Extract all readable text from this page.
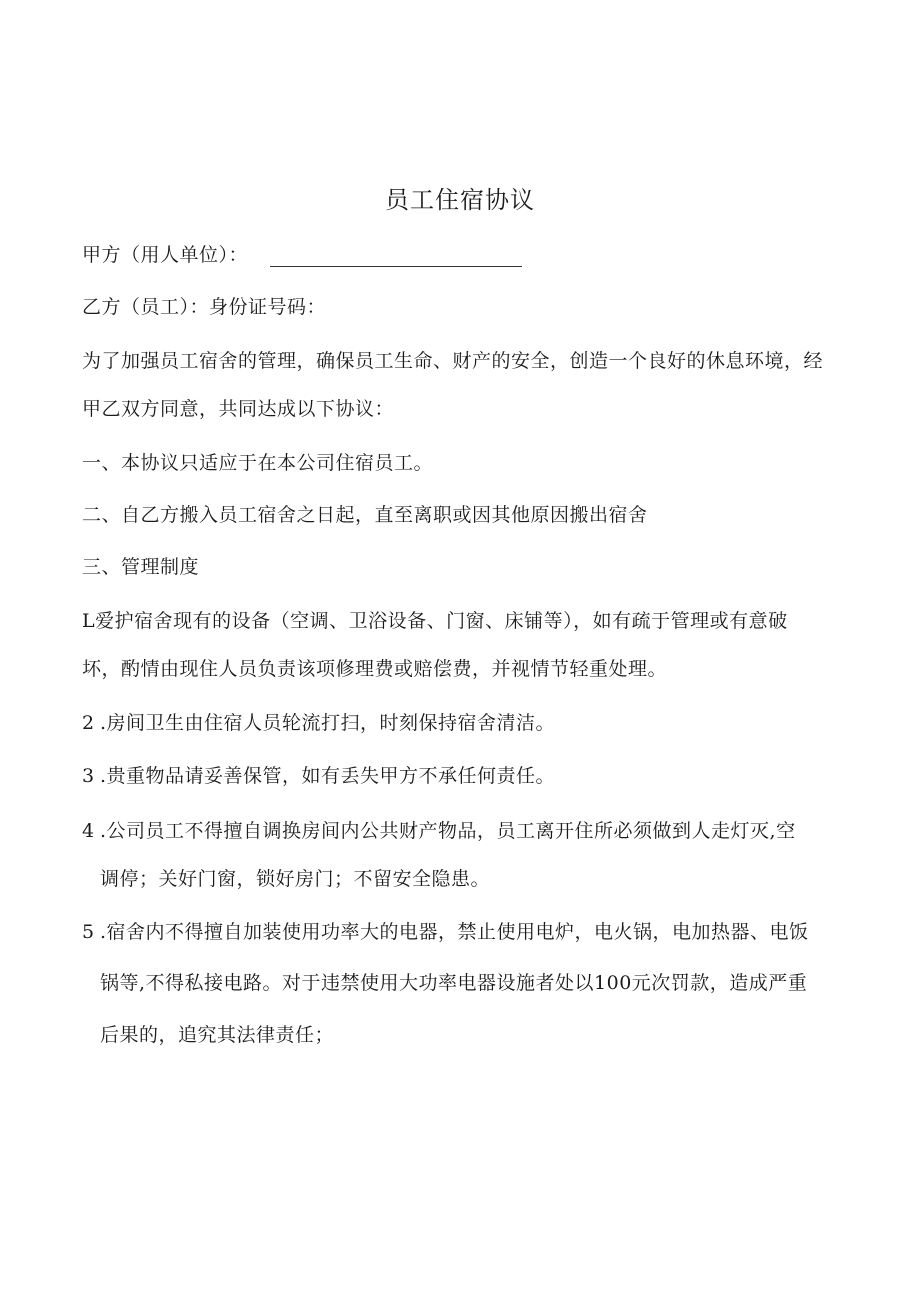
员工住宿协议
甲方（用人单位）：
乙方（员工）：身份证号码：
为了加强员工宿舍的管理，确保员工生命、财产的安全，创造一个良好的休息环境，经
甲乙双方同意，共同达成以下协议：
一、本协议只适应于在本公司住宿员工。
二、自乙方搬入员工宿舍之日起，直至离职或因其他原因搬出宿舍
三、管理制度
L爱护宿舍现有的设备（空调、卫浴设备、门窗、床铺等），如有疏于管理或有意破
坏，酌情由现住人员负责该项修理费或赔偿费，并视情节轻重处理。
2 .房间卫生由住宿人员轮流打扫，时刻保持宿舍清洁。
3 .贵重物品请妥善保管，如有丢失甲方不承任何责任。
4 .公司员工不得擅自调换房间内公共财产物品，员工离开住所必须做到人走灯灭,空
调停；关好门窗，锁好房门；不留安全隐患。
5 .宿舍内不得擅自加装使用功率大的电器，禁止使用电炉，电火锅，电加热器、电饭
锅等,不得私接电路。对于违禁使用大功率电器设施者处以100元次罚款，造成严重
后果的，追究其法律责任；
